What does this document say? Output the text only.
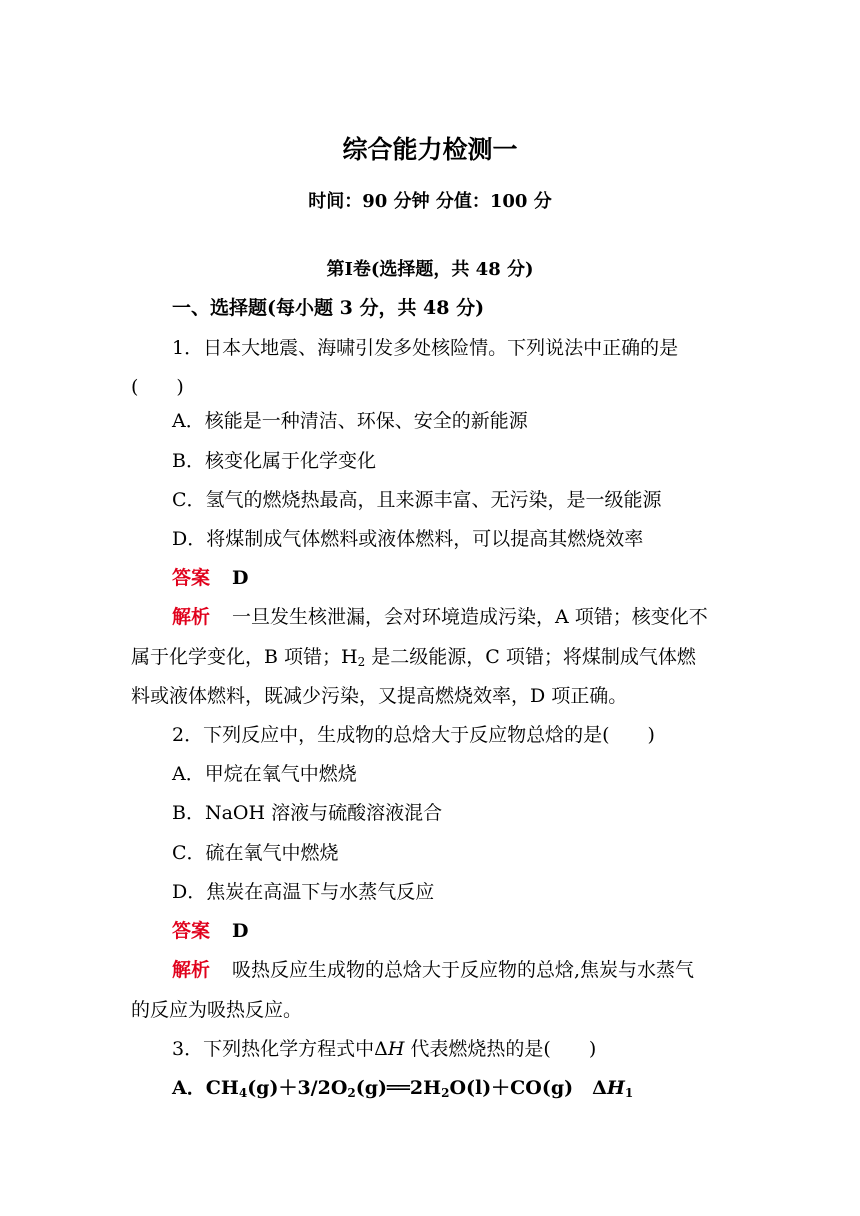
综合能力检测一
时间：90 分钟 分值：100 分
第Ⅰ卷(选择题，共 48 分)
一、选择题(每小题 3 分，共 48 分)
1．日本大地震、海啸引发多处核险情。下列说法中正确的是
(　　)
A．核能是一种清洁、环保、安全的新能源
B．核变化属于化学变化
C．氢气的燃烧热最高，且来源丰富、无污染，是一级能源
D．将煤制成气体燃料或液体燃料，可以提高其燃烧效率
答案 D
解析 一旦发生核泄漏，会对环境造成污染，A 项错；核变化不
属于化学变化，B 项错；$H_2$ 是二级能源，C 项错；将煤制成气体燃
料或液体燃料，既减少污染，又提高燃烧效率，D 项正确。
2．下列反应中，生成物的总焓大于反应物总焓的是(　　)
A．甲烷在氧气中燃烧
B．NaOH 溶液与硫酸溶液混合
C．硫在氧气中燃烧
D．焦炭在高温下与水蒸气反应
答案 D
解析 吸热反应生成物的总焓大于反应物的总焓,焦炭与水蒸气
的反应为吸热反应。
3．下列热化学方程式中ΔH 代表燃烧热的是(　　)
A．$CH_4(g)+3/2O_2(g)══2H_2O(l)+CO(g)$　$\Delta H_1$
